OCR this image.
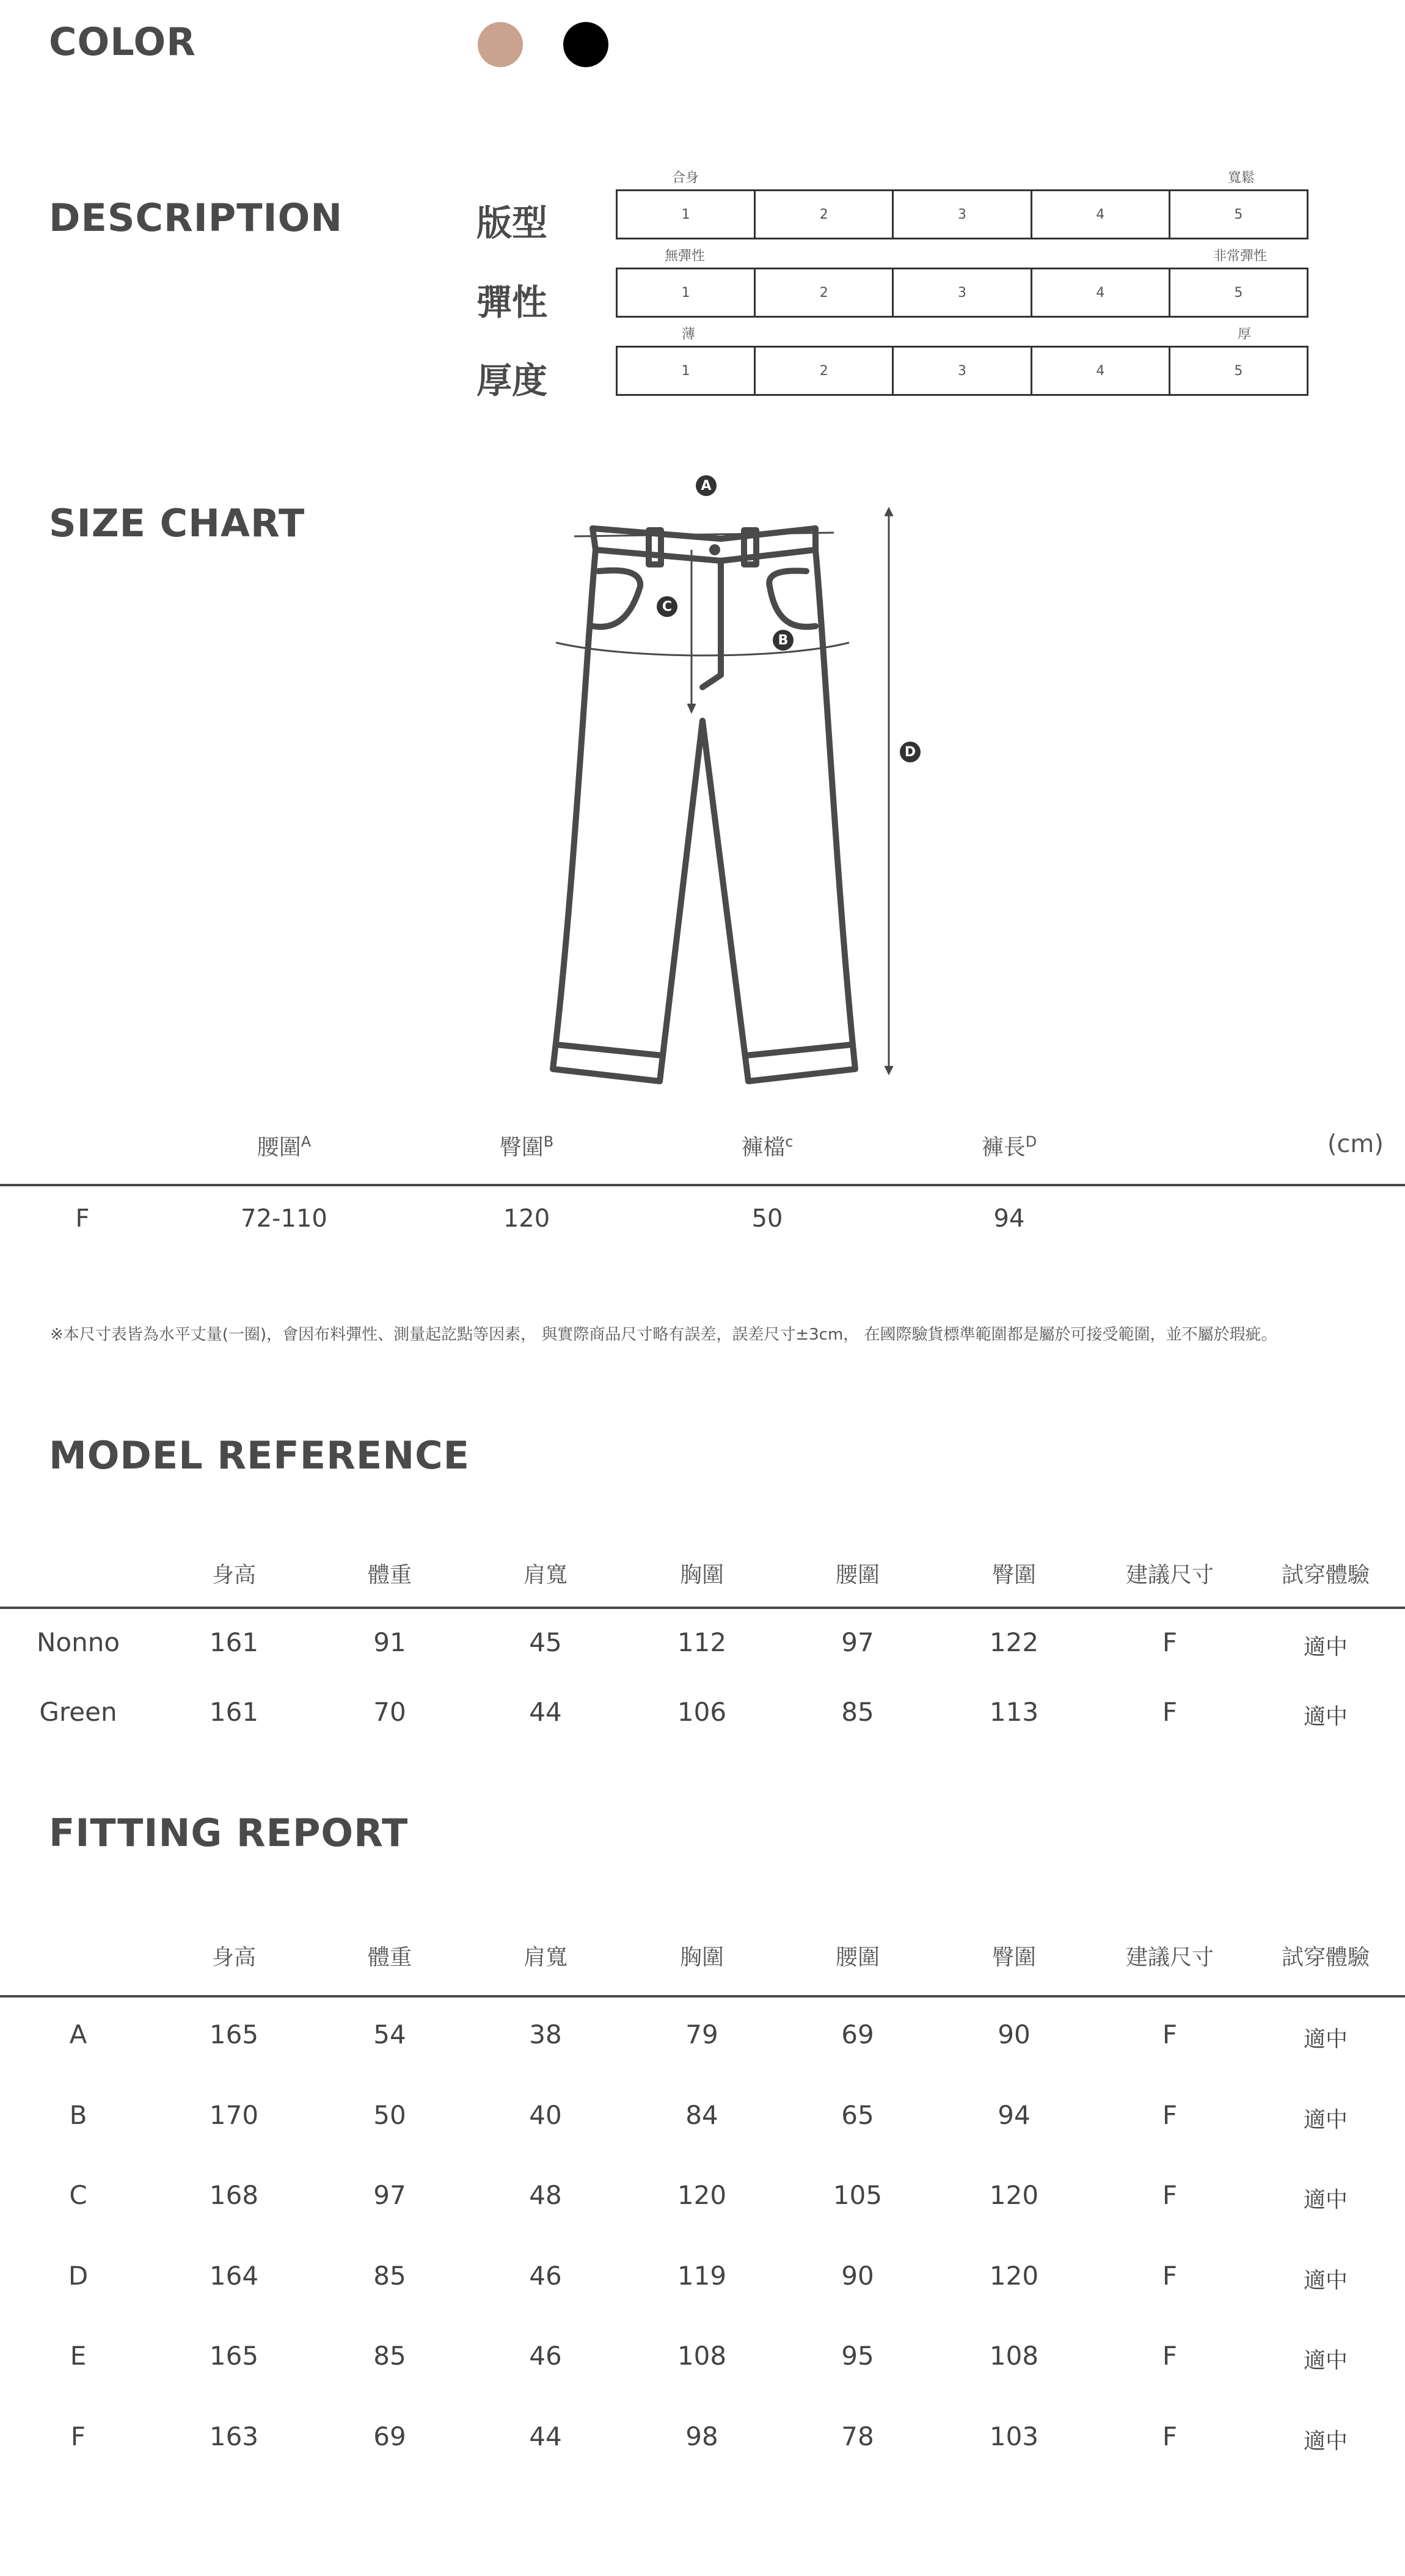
COLOR
DESCRIPTION	版型
合身	寬鬆
1	2	3	4	5
彈性
無彈性	非常彈性
1	2	3	4	5
厚度
薄	厚
1	2	3	4	5
SIZE CHART
A
B
C
D
腰圍$^A$	臀圍$^B$	褲檔$^c$	褲長$^D$	(cm)
F	72-110	120	50	94
※本尺寸表皆為水平丈量(一圈)，會因布料彈性、測量起訖點等因素， 與實際商品尺寸略有誤差，誤差尺寸±3cm， 在國際驗貨標準範圍都是屬於可接受範圍，並不屬於瑕疵。
MODEL REFERENCE
身高	體重	肩寬	胸圍	腰圍	臀圍	建議尺寸	試穿體驗
Nonno	161	91	45	112	97	122	F	適中
Green	161	70	44	106	85	113	F	適中
FITTING REPORT
身高	體重	肩寬	胸圍	腰圍	臀圍	建議尺寸	試穿體驗
A	165	54	38	79	69	90	F	適中
B	170	50	40	84	65	94	F	適中
C	168	97	48	120	105	120	F	適中
D	164	85	46	119	90	120	F	適中
E	165	85	46	108	95	108	F	適中
F	163	69	44	98	78	103	F	適中
